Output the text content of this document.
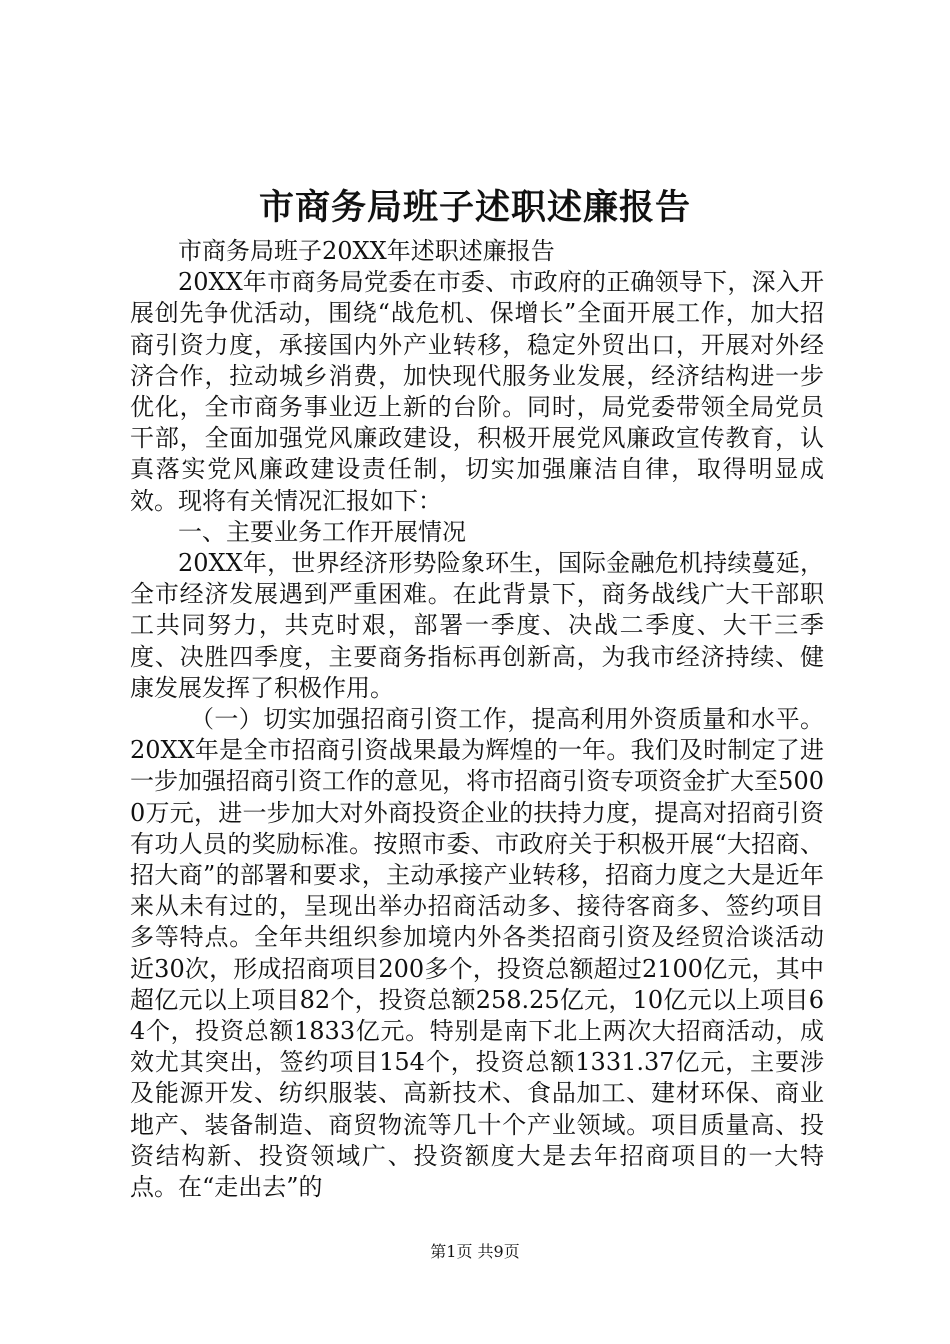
市商务局班子述职述廉报告

市商务局班子20XX年述职述廉报告

20XX年市商务局党委在市委、市政府的正确领导下，深入开展创先争优活动，围绕“战危机、保增长”全面开展工作，加大招商引资力度，承接国内外产业转移，稳定外贸出口，开展对外经济合作，拉动城乡消费，加快现代服务业发展，经济结构进一步优化，全市商务事业迈上新的台阶。同时，局党委带领全局党员干部，全面加强党风廉政建设，积极开展党风廉政宣传教育，认真落实党风廉政建设责任制，切实加强廉洁自律，取得明显成效。现将有关情况汇报如下：

一、主要业务工作开展情况

20XX年，世界经济形势险象环生，国际金融危机持续蔓延，全市经济发展遇到严重困难。在此背景下，商务战线广大干部职工共同努力，共克时艰，部署一季度、决战二季度、大干三季度、决胜四季度，主要商务指标再创新高，为我市经济持续、健康发展发挥了积极作用。

（一）切实加强招商引资工作，提高利用外资质量和水平。20XX年是全市招商引资战果最为辉煌的一年。我们及时制定了进一步加强招商引资工作的意见，将市招商引资专项资金扩大至5000万元，进一步加大对外商投资企业的扶持力度，提高对招商引资有功人员的奖励标准。按照市委、市政府关于积极开展“大招商、招大商”的部署和要求，主动承接产业转移，招商力度之大是近年来从未有过的，呈现出举办招商活动多、接待客商多、签约项目多等特点。全年共组织参加境内外各类招商引资及经贸洽谈活动近30次，形成招商项目200多个，投资总额超过2100亿元，其中超亿元以上项目82个，投资总额258.25亿元，10亿元以上项目64个，投资总额1833亿元。特别是南下北上两次大招商活动，成效尤其突出，签约项目154个，投资总额1331.37亿元，主要涉及能源开发、纺织服装、高新技术、食品加工、建材环保、商业地产、装备制造、商贸物流等几十个产业领域。项目质量高、投资结构新、投资领域广、投资额度大是去年招商项目的一大特点。在“走出去”的

第1页 共9页
